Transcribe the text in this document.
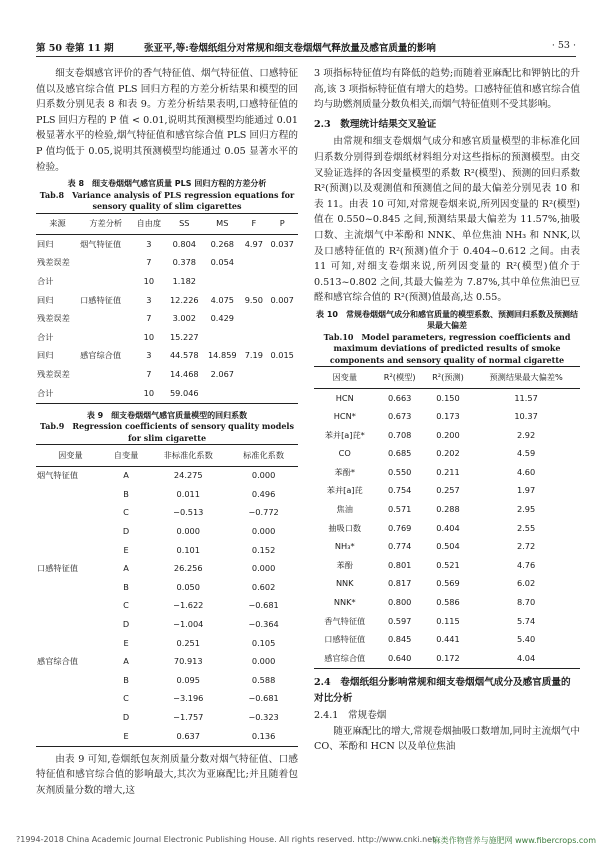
第 50 卷第 11 期	张亚平,等:卷烟纸组分对常规和细支卷烟烟气释放量及感官质量的影响	· 53 ·

细支卷烟感官评价的香气特征值、烟气特征值、口感特征值以及感官综合值 PLS 回归方程的方差分析结果和模型的回归系数分别见表 8 和表 9。方差分析结果表明,口感特征值的 PLS 回归方程的 P 值 < 0.01,说明其预测模型均能通过 0.01 极显著水平的检验,烟气特征值和感官综合值 PLS 回归方程的 P 值均低于 0.05,说明其预测模型均能通过 0.05 显著水平的检验。

表 8　细支卷烟烟气感官质量 PLS 回归方程的方差分析
Tab.8　Variance analysis of PLS regression equations for sensory quality of slim cigarettes
来源	方差分析	自由度	SS	MS	F	P
回归	烟气特征值	3	0.804	0.268	4.97	0.037
残差误差		7	0.378	0.054		
合计		10	1.182			
回归	口感特征值	3	12.226	4.075	9.50	0.007
残差误差		7	3.002	0.429		
合计		10	15.227			
回归	感官综合值	3	44.578	14.859	7.19	0.015
残差误差		7	14.468	2.067		
合计		10	59.046			
表 9　细支卷烟烟气感官质量模型的回归系数
Tab.9　Regression coefficients of sensory quality models for slim cigarette
因变量	自变量	非标准化系数	标准化系数
烟气特征值	A	24.275	0.000
	B	0.011	0.496
	C	−0.513	−0.772
	D	0.000	0.000
	E	0.101	0.152
口感特征值	A	26.256	0.000
	B	0.050	0.602
	C	−1.622	−0.681
	D	−1.004	−0.364
	E	0.251	0.105
感官综合值	A	70.913	0.000
	B	0.095	0.588
	C	−3.196	−0.681
	D	−1.757	−0.323
	E	0.637	0.136

由表 9 可知,卷烟纸包灰剂质量分数对烟气特征值、口感特征值和感官综合值的影响最大,其次为亚麻配比;并且随着包灰剂质量分数的增大,这

3 项指标特征值均有降低的趋势;而随着亚麻配比和钾钠比的升高,该 3 项指标特征值有增大的趋势。口感特征值和感官综合值均与助燃剂质量分数负相关,而烟气特征值则不受其影响。

2.3　数理统计结果交叉验证

由常规和细支卷烟烟气成分和感官质量模型的非标准化回归系数分别得到卷烟纸材料组分对这些指标的预测模型。由交叉验证选择的各因变量模型的系数 R²(模型)、预测的回归系数 R²(预测)以及观测值和预测值之间的最大偏差分别见表 10 和表 11。由表 10 可知,对常规卷烟来说,所列因变量的 R²(模型)值在 0.550~0.845 之间,预测结果最大偏差为 11.57%,抽吸口数、主流烟气中苯酚和 NNK、单位焦油 NH₃ 和 NNK,以及口感特征值的 R²(预测)值介于 0.404~0.612 之间。由表 11 可知,对细支卷烟来说,所列因变量的 R²(模型)值介于 0.513~0.802 之间,其最大偏差为 7.87%,其中单位焦油巴豆醛和感官综合值的 R²(预测)值最高,达 0.55。

表 10　常规卷烟烟气成分和感官质量的模型系数、预测回归系数及预测结果最大偏差
Tab.10　Model parameters, regression coefficients and maximum deviations of predicted results of smoke components and sensory quality of normal cigarette
因变量	R²(模型)	R²(预测)	预测结果最大偏差%
HCN	0.663	0.150	11.57
HCN*	0.673	0.173	10.37
苯并[a]芘*	0.708	0.200	2.92
CO	0.685	0.202	4.59
苯酚*	0.550	0.211	4.60
苯并[a]芘	0.754	0.257	1.97
焦油	0.571	0.288	2.95
抽吸口数	0.769	0.404	2.55
NH₃*	0.774	0.504	2.72
苯酚	0.801	0.521	4.76
NNK	0.817	0.569	6.02
NNK*	0.800	0.586	8.70
香气特征值	0.597	0.115	5.74
口感特征值	0.845	0.441	5.40
感官综合值	0.640	0.172	4.04
2.4　卷烟纸组分影响常规和细支卷烟烟气成分及感官质量的对比分析
2.4.1　常规卷烟

随亚麻配比的增大,常规卷烟抽吸口数增加,同时主流烟气中 CO、苯酚和 HCN 以及单位焦油

?1994-2018 China Academic Journal Electronic Publishing House. All rights reserved. http://www.cnki.net
麻类作物营养与施肥网 www.fibercrops.com
